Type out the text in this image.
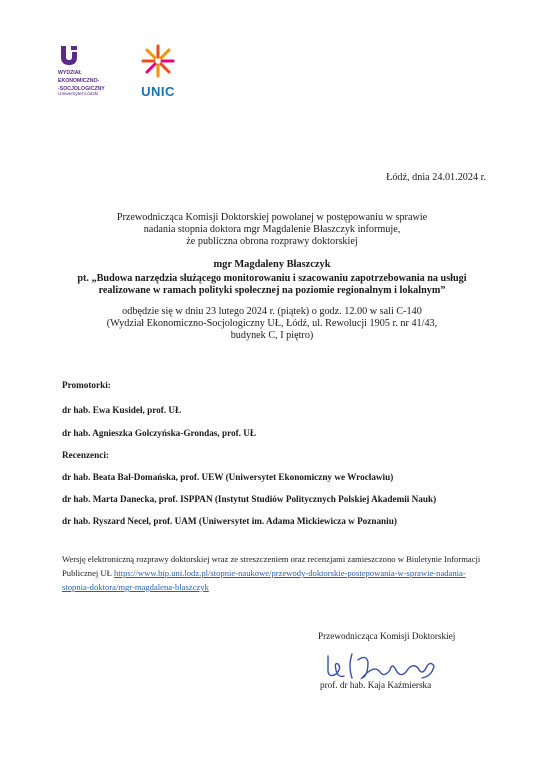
WYDZIAŁ
EKONOMICZNO-
-SOCJOLOGICZNY
Uniwersytet Łódzki	UNIC
Łódź, dnia 24.01.2024 r.
Przewodnicząca Komisji Doktorskiej powołanej w postępowaniu w sprawie
nadania stopnia doktora mgr Magdalenie Błaszczyk informuje,
że publiczna obrona rozprawy doktorskiej
mgr Magdaleny Błaszczyk
pt. „Budowa narzędzia służącego monitorowaniu i szacowaniu zapotrzebowania na usługi
realizowane w ramach polityki społecznej na poziomie regionalnym i lokalnym”
odbędzie się w dniu 23 lutego 2024 r. (piątek) o godz. 12.00 w sali C-140
(Wydział Ekonomiczno-Socjologiczny UŁ, Łódź, ul. Rewolucji 1905 r. nr 41/43,
budynek C, I piętro)
Promotorki:
dr hab. Ewa Kusideł, prof. UŁ
dr hab. Agnieszka Golczyńska-Grondas, prof. UŁ
Recenzenci:
dr hab. Beata Bal-Domańska, prof. UEW (Uniwersytet Ekonomiczny we Wrocławiu)
dr hab. Marta Danecka, prof. ISPPAN (Instytut Studiów Politycznych Polskiej Akademii Nauk)
dr hab. Ryszard Necel, prof. UAM (Uniwersytet im. Adama Mickiewicza w Poznaniu)
Wersję elektroniczną rozprawy doktorskiej wraz ze streszczeniem oraz recenzjami zamieszczono w Biuletynie Informacji Publicznej UŁ https://www.bip.uni.lodz.pl/stopnie-naukowe/przewody-doktorskie-postepowania-w-sprawie-nadania-stopnia-doktora/mgr-magdalena-blaszczyk
Przewodnicząca Komisji Doktorskiej
prof. dr hab. Kaja Kaźmierska
